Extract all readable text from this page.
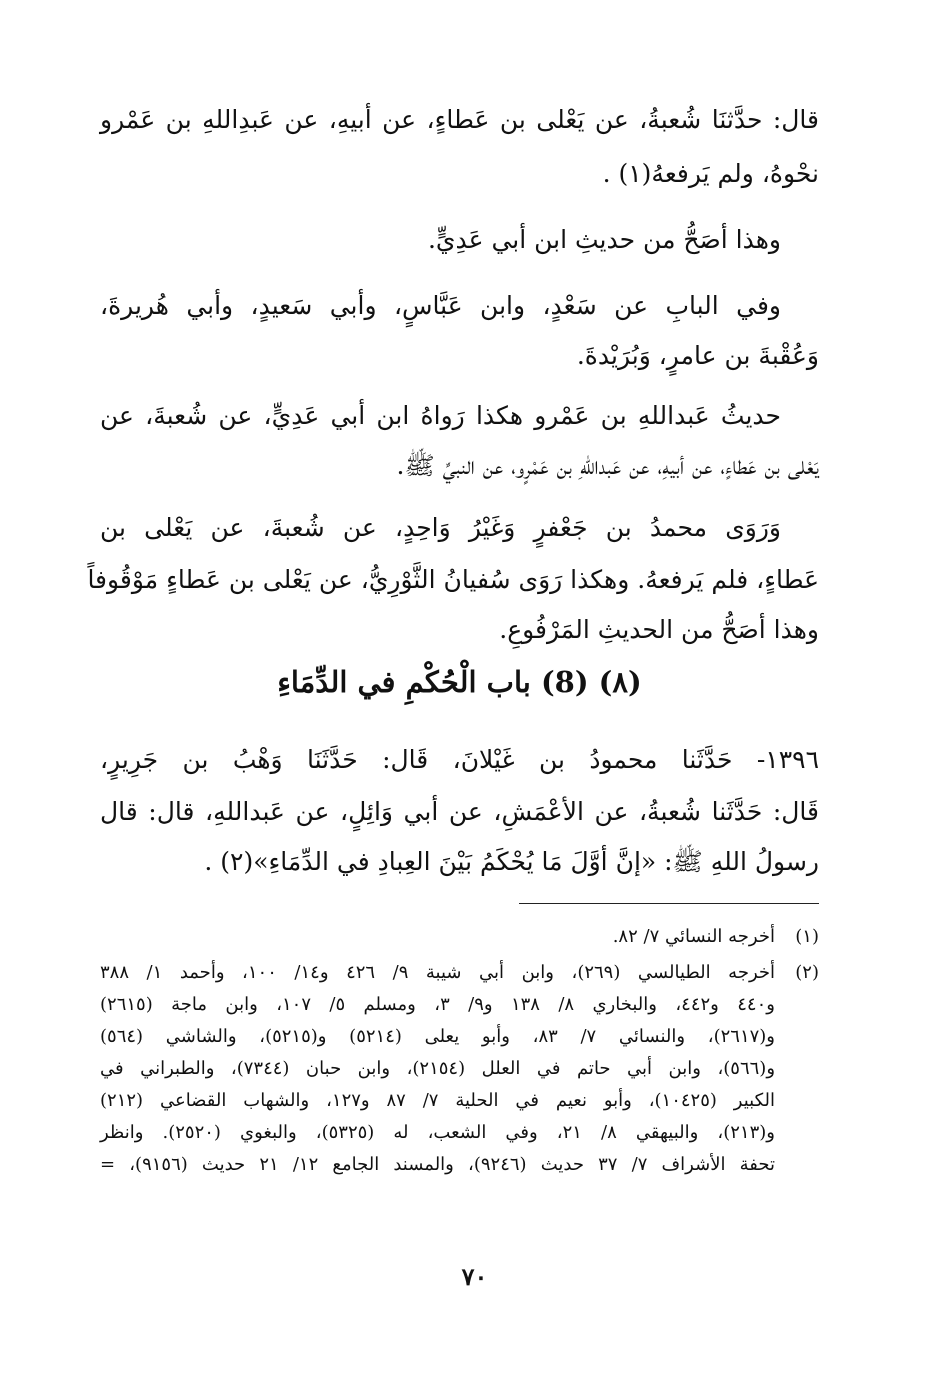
قال: حدَّثنَا شُعبةُ، عن يَعْلى بن عَطاءٍ، عن أبيهِ، عن عَبدِاللهِ بن عَمْرو
نحْوهُ، ولم يَرفعهُ(١) .
وهذا أصَحُّ من حديثِ ابن أبي عَدِيٍّ.
وفي البابِ عن سَعْدٍ، وابن عَبَّاسٍ، وأبي سَعيدٍ، وأبي هُريرةَ،
وَعُقْبةَ بن عامرٍ، وَبُرَيْدةَ.
حديثُ عَبداللهِ بن عَمْرو هكذا رَواهُ ابن أبي عَدِيٍّ، عن شُعبةَ، عن
يَعْلى بن عَطاءٍ، عن أبيهِ، عن عَبداللهِ بن عَمْرٍو، عن النبيِّ ﷺ.
وَرَوَى محمدُ بن جَعْفرٍ وَغَيْرُ وَاحِدٍ، عن شُعبةَ، عن يَعْلى بن
عَطاءٍ، فلم يَرفعهُ. وهكذا رَوَى سُفيانُ الثَّوْرِيُّ، عن يَعْلى بن عَطاءٍ مَوْقُوفاً
وهذا أصَحُّ من الحديثِ المَرْفُوعِ.
(٨) (8) باب الْحُكْمِ في الدِّمَاءِ
١٣٩٦- حَدَّثَنا محمودُ بن غَيْلانَ، قَال: حَدَّثَنَا وَهْبُ بن جَرِيرٍ،
قَال: حَدَّثَنا شُعبةُ، عن الأعْمَشِ، عن أبي وَائِلٍ، عن عَبداللهِ، قال: قال
رسولُ اللهِ ﷺ: «إنَّ أوَّلَ مَا يُحْكَمُ بَيْنَ العِبادِ في الدِّمَاءِ»(٢) .
(١)
أخرجه النسائي ٧/ ٨٢.
(٢)
أخرجه الطيالسي (٢٦٩)، وابن أبي شيبة ٩/ ٤٢٦ و١٤/ ١٠٠، وأحمد ١/ ٣٨٨
و٤٤٠ و٤٤٢، والبخاري ٨/ ١٣٨ و٩/ ٣، ومسلم ٥/ ١٠٧، وابن ماجة (٢٦١٥)
و(٢٦١٧)، والنسائي ٧/ ٨٣، وأبو يعلى (٥٢١٤) و(٥٢١٥)، والشاشي (٥٦٤)
و(٥٦٦)، وابن أبي حاتم في العلل (٢١٥٤)، وابن حبان (٧٣٤٤)، والطبراني في
الكبير (١٠٤٢٥)، وأبو نعيم في الحلية ٧/ ٨٧ و١٢٧، والشهاب القضاعي (٢١٢)
و(٢١٣)، والبيهقي ٨/ ٢١، وفي الشعب، له (٥٣٢٥)، والبغوي (٢٥٢٠). وانظر
تحفة الأشراف ٧/ ٣٧ حديث (٩٢٤٦)، والمسند الجامع ١٢/ ٢١ حديث (٩١٥٦)، =
٧٠
